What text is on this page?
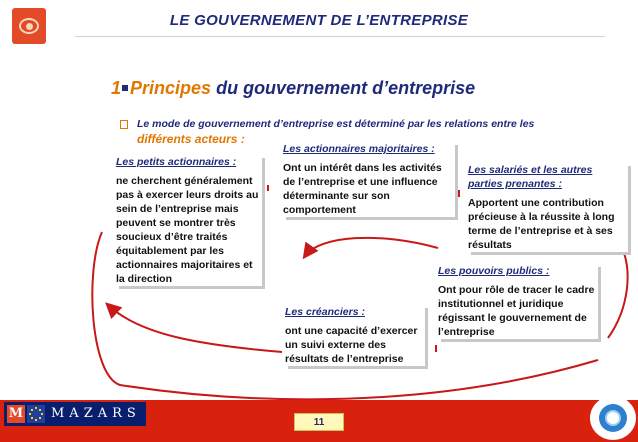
LE GOUVERNEMENT DE L’ENTREPRISE
1 Principes du gouvernement d’entreprise
Le mode de gouvernement d’entreprise est déterminé par les relations entre les
différents acteurs :
Les petits actionnaires :
ne cherchent généralement pas à exercer leurs droits au sein de l’entreprise mais peuvent se montrer très soucieux d’être traités équitablement par les actionnaires majoritaires et la direction
Les actionnaires majoritaires :
Ont un intérêt dans les activités de l’entreprise et une influence déterminante sur son comportement
Les salariés et les autres parties prenantes :
Apportent une contribution précieuse à la réussite à long terme de l’entreprise et à ses résultats
Les pouvoirs publics :
Ont pour rôle de tracer le cadre institutionnel et juridique régissant le gouvernement de l’entreprise
Les créanciers :
ont une capacité d’exercer un suivi externe des résultats de l’entreprise
M MAZARS
11
